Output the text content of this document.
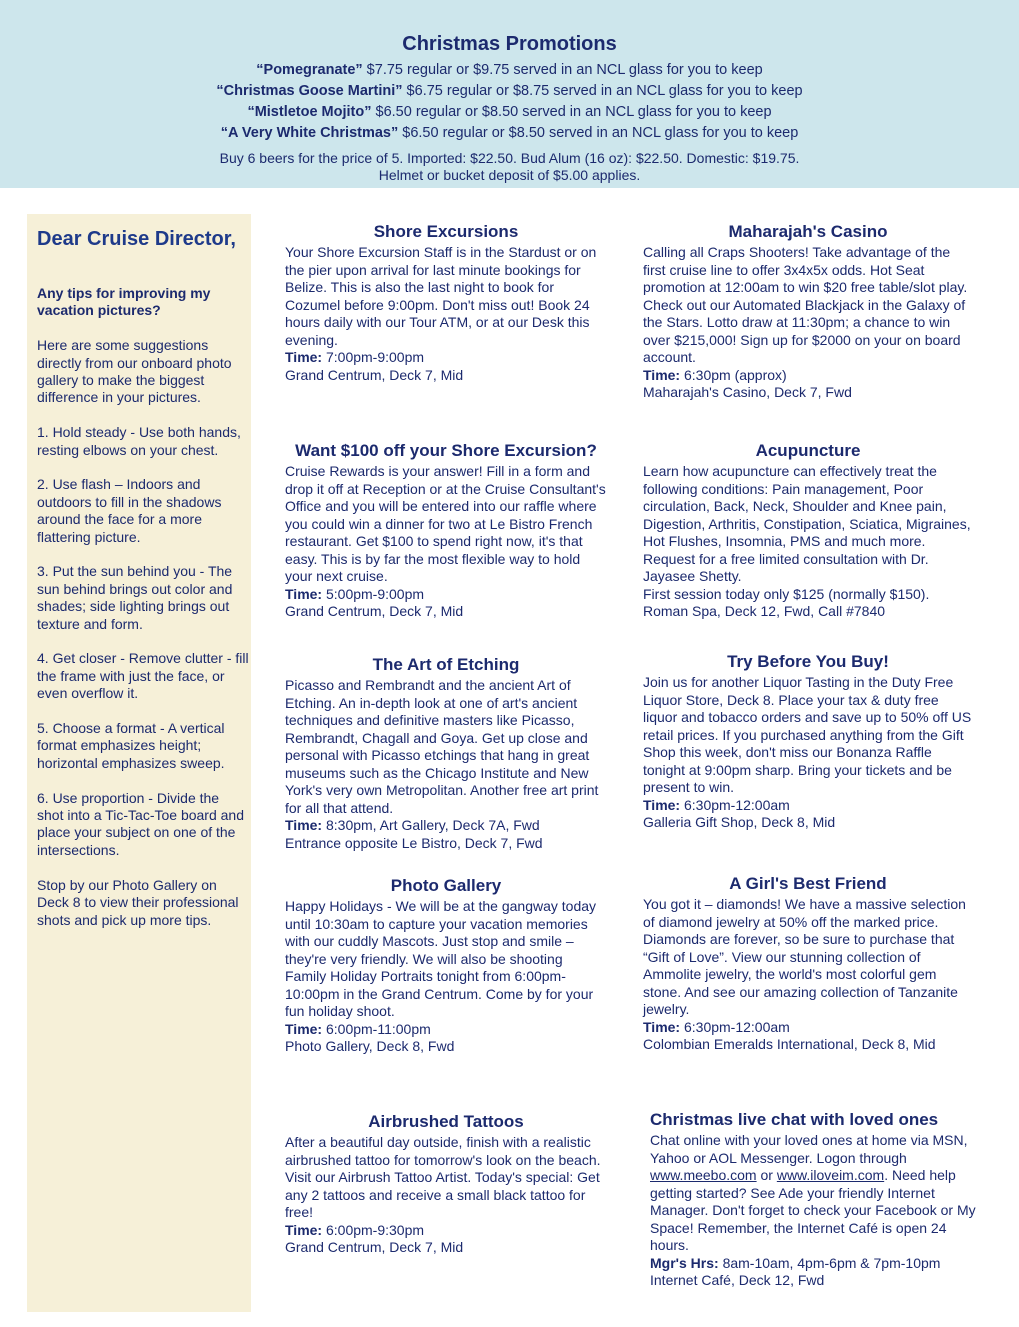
Christmas Promotions
“Pomegranate” $7.75 regular or $9.75 served in an NCL glass for you to keep
“Christmas Goose Martini” $6.75 regular or $8.75 served in an NCL glass for you to keep
“Mistletoe Mojito” $6.50 regular or $8.50 served in an NCL glass for you to keep
“A Very White Christmas” $6.50 regular or $8.50 served in an NCL glass for you to keep
Buy 6 beers for the price of 5. Imported: $22.50. Bud Alum (16 oz): $22.50. Domestic: $19.75.
Helmet or bucket deposit of $5.00 applies.
Dear Cruise Director,

Any tips for improving my vacation pictures?

Here are some suggestions directly from our onboard photo gallery to make the biggest difference in your pictures.

1. Hold steady - Use both hands, resting elbows on your chest.

2. Use flash – Indoors and outdoors to fill in the shadows around the face for a more flattering picture.

3. Put the sun behind you - The sun behind brings out color and shades; side lighting brings out texture and form.

4. Get closer - Remove clutter - fill the frame with just the face, or even overflow it.

5. Choose a format - A vertical format emphasizes height; horizontal emphasizes sweep.

6. Use proportion - Divide the shot into a Tic-Tac-Toe board and place your subject on one of the intersections.

Stop by our Photo Gallery on Deck 8 to view their professional shots and pick up more tips.

Shore Excursions

Your Shore Excursion Staff is in the Stardust or on the pier upon arrival for last minute bookings for Belize. This is also the last night to book for Cozumel before 9:00pm. Don't miss out! Book 24 hours daily with our Tour ATM, or at our Desk this evening.

Time: 7:00pm-9:00pm

Grand Centrum, Deck 7, Mid

Want $100 off your Shore Excursion?

Cruise Rewards is your answer! Fill in a form and drop it off at Reception or at the Cruise Consultant's Office and you will be entered into our raffle where you could win a dinner for two at Le Bistro French restaurant. Get $100 to spend right now, it's that easy. This is by far the most flexible way to hold your next cruise.

Time: 5:00pm-9:00pm

Grand Centrum, Deck 7, Mid

The Art of Etching

Picasso and Rembrandt and the ancient Art of Etching. An in-depth look at one of art's ancient techniques and definitive masters like Picasso, Rembrandt, Chagall and Goya. Get up close and personal with Picasso etchings that hang in great museums such as the Chicago Institute and New York's very own Metropolitan. Another free art print for all that attend.

Time: 8:30pm, Art Gallery, Deck 7A, Fwd

Entrance opposite Le Bistro, Deck 7, Fwd

Photo Gallery

Happy Holidays - We will be at the gangway today until 10:30am to capture your vacation memories with our cuddly Mascots. Just stop and smile – they're very friendly. We will also be shooting Family Holiday Portraits tonight from 6:00pm-10:00pm in the Grand Centrum. Come by for your fun holiday shoot.

Time: 6:00pm-11:00pm

Photo Gallery, Deck 8, Fwd

Airbrushed Tattoos

After a beautiful day outside, finish with a realistic airbrushed tattoo for tomorrow's look on the beach. Visit our Airbrush Tattoo Artist. Today's special: Get any 2 tattoos and receive a small black tattoo for free!

Time: 6:00pm-9:30pm

Grand Centrum, Deck 7, Mid

Maharajah's Casino

Calling all Craps Shooters! Take advantage of the first cruise line to offer 3x4x5x odds. Hot Seat promotion at 12:00am to win $20 free table/slot play. Check out our Automated Blackjack in the Galaxy of the Stars. Lotto draw at 11:30pm; a chance to win over $215,000! Sign up for $2000 on your on board account.

Time: 6:30pm (approx)

Maharajah's Casino, Deck 7, Fwd

Acupuncture

Learn how acupuncture can effectively treat the following conditions: Pain management, Poor circulation, Back, Neck, Shoulder and Knee pain, Digestion, Arthritis, Constipation, Sciatica, Migraines, Hot Flushes, Insomnia, PMS and much more. Request for a free limited consultation with Dr. Jayasee Shetty.

First session today only $125 (normally $150).

Roman Spa, Deck 12, Fwd, Call #7840

Try Before You Buy!

Join us for another Liquor Tasting in the Duty Free Liquor Store, Deck 8. Place your tax & duty free liquor and tobacco orders and save up to 50% off US retail prices. If you purchased anything from the Gift Shop this week, don't miss our Bonanza Raffle tonight at 9:00pm sharp. Bring your tickets and be present to win.

Time: 6:30pm-12:00am

Galleria Gift Shop, Deck 8, Mid

A Girl's Best Friend

You got it – diamonds! We have a massive selection of diamond jewelry at 50% off the marked price. Diamonds are forever, so be sure to purchase that “Gift of Love”. View our stunning collection of Ammolite jewelry, the world's most colorful gem stone. And see our amazing collection of Tanzanite jewelry.

Time: 6:30pm-12:00am

Colombian Emeralds International, Deck 8, Mid

Christmas live chat with loved ones

Chat online with your loved ones at home via MSN, Yahoo or AOL Messenger. Logon through www.meebo.com or www.iloveim.com. Need help getting started? See Ade your friendly Internet Manager. Don't forget to check your Facebook or My Space! Remember, the Internet Café is open 24 hours.

Mgr's Hrs: 8am-10am, 4pm-6pm & 7pm-10pm

Internet Café, Deck 12, Fwd
